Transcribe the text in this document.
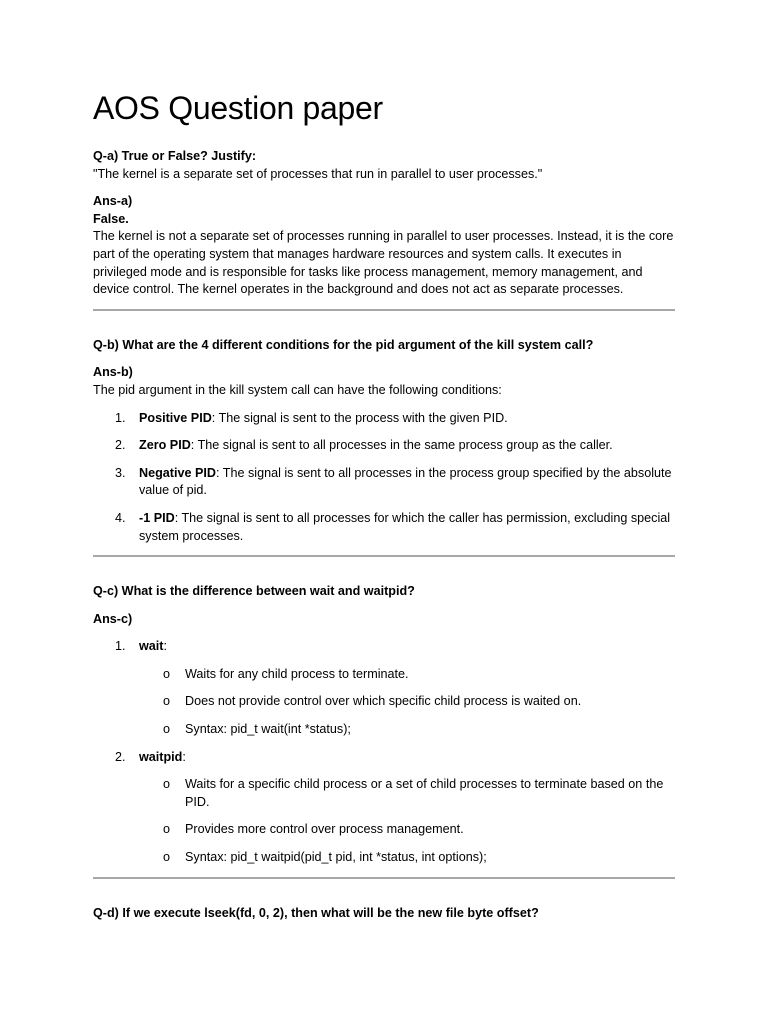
AOS Question paper

Q-a) True or False? Justify:

"The kernel is a separate set of processes that run in parallel to user processes."

Ans-a)

False.

The kernel is not a separate set of processes running in parallel to user processes. Instead, it is the core part of the operating system that manages hardware resources and system calls. It executes in privileged mode and is responsible for tasks like process management, memory management, and device control. The kernel operates in the background and does not act as separate processes.

Q-b) What are the 4 different conditions for the pid argument of the kill system call?

Ans-b)

The pid argument in the kill system call can have the following conditions:

1. Positive PID: The signal is sent to the process with the given PID.
2. Zero PID: The signal is sent to all processes in the same process group as the caller.
3. Negative PID: The signal is sent to all processes in the process group specified by the absolute value of pid.
4. -1 PID: The signal is sent to all processes for which the caller has permission, excluding special system processes.

Q-c) What is the difference between wait and waitpid?

Ans-c)

1. wait:
o Waits for any child process to terminate.
o Does not provide control over which specific child process is waited on.
o Syntax: pid_t wait(int *status);
2. waitpid:
o Waits for a specific child process or a set of child processes to terminate based on the PID.
o Provides more control over process management.
o Syntax: pid_t waitpid(pid_t pid, int *status, int options);

Q-d) If we execute lseek(fd, 0, 2), then what will be the new file byte offset?
